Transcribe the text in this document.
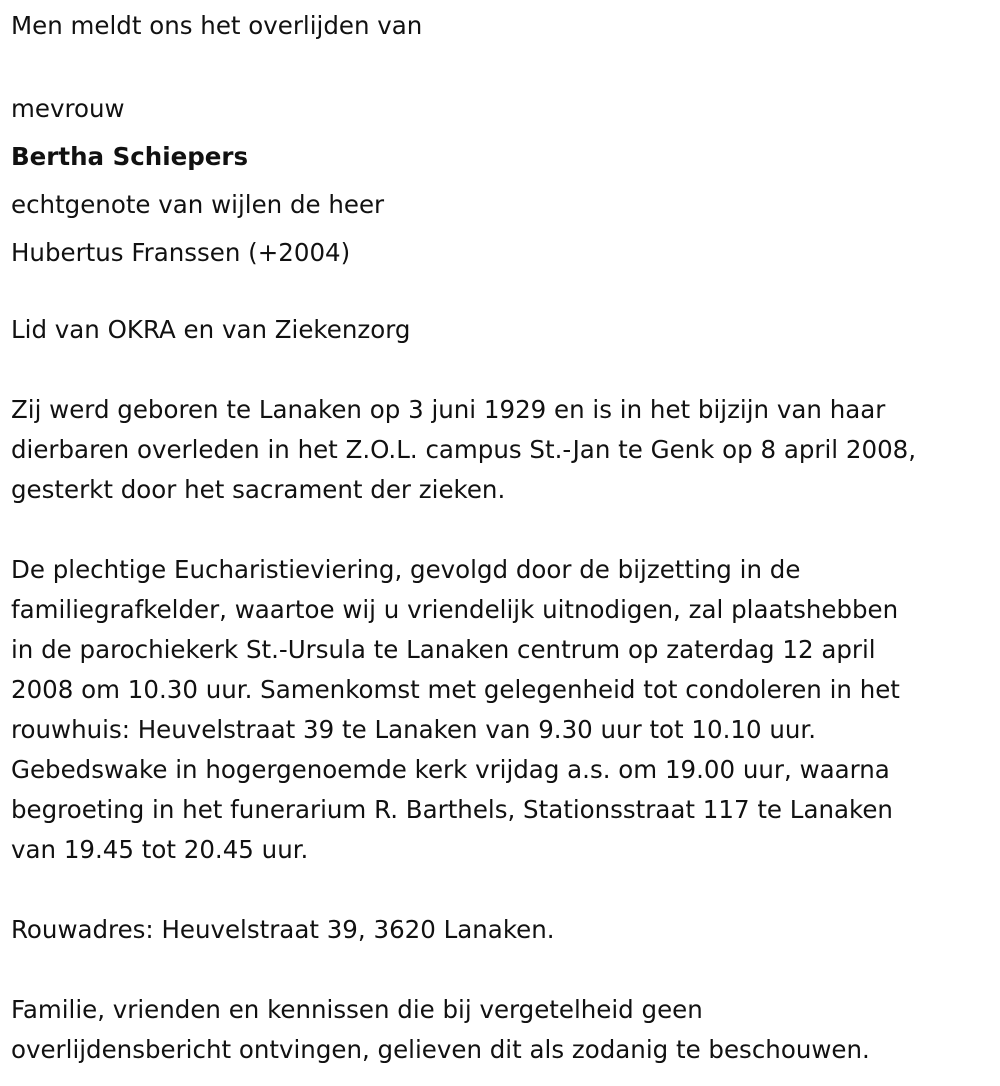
Men meldt ons het overlijden van

mevrouw

Bertha Schiepers

echtgenote van wijlen de heer

Hubertus Franssen (+2004)

Lid van OKRA en van Ziekenzorg

Zij werd geboren te Lanaken op 3 juni 1929 en is in het bijzijn van haar

dierbaren overleden in het Z.O.L. campus St.-Jan te Genk op 8 april 2008,

gesterkt door het sacrament der zieken.

De plechtige Eucharistieviering, gevolgd door de bijzetting in de

familiegrafkelder, waartoe wij u vriendelijk uitnodigen, zal plaatshebben

in de parochiekerk St.-Ursula te Lanaken centrum op zaterdag 12 april

2008 om 10.30 uur. Samenkomst met gelegenheid tot condoleren in het

rouwhuis: Heuvelstraat 39 te Lanaken van 9.30 uur tot 10.10 uur.

Gebedswake in hogergenoemde kerk vrijdag a.s. om 19.00 uur, waarna

begroeting in het funerarium R. Barthels, Stationsstraat 117 te Lanaken

van 19.45 tot 20.45 uur.

Rouwadres: Heuvelstraat 39, 3620 Lanaken.

Familie, vrienden en kennissen die bij vergetelheid geen

overlijdensbericht ontvingen, gelieven dit als zodanig te beschouwen.
